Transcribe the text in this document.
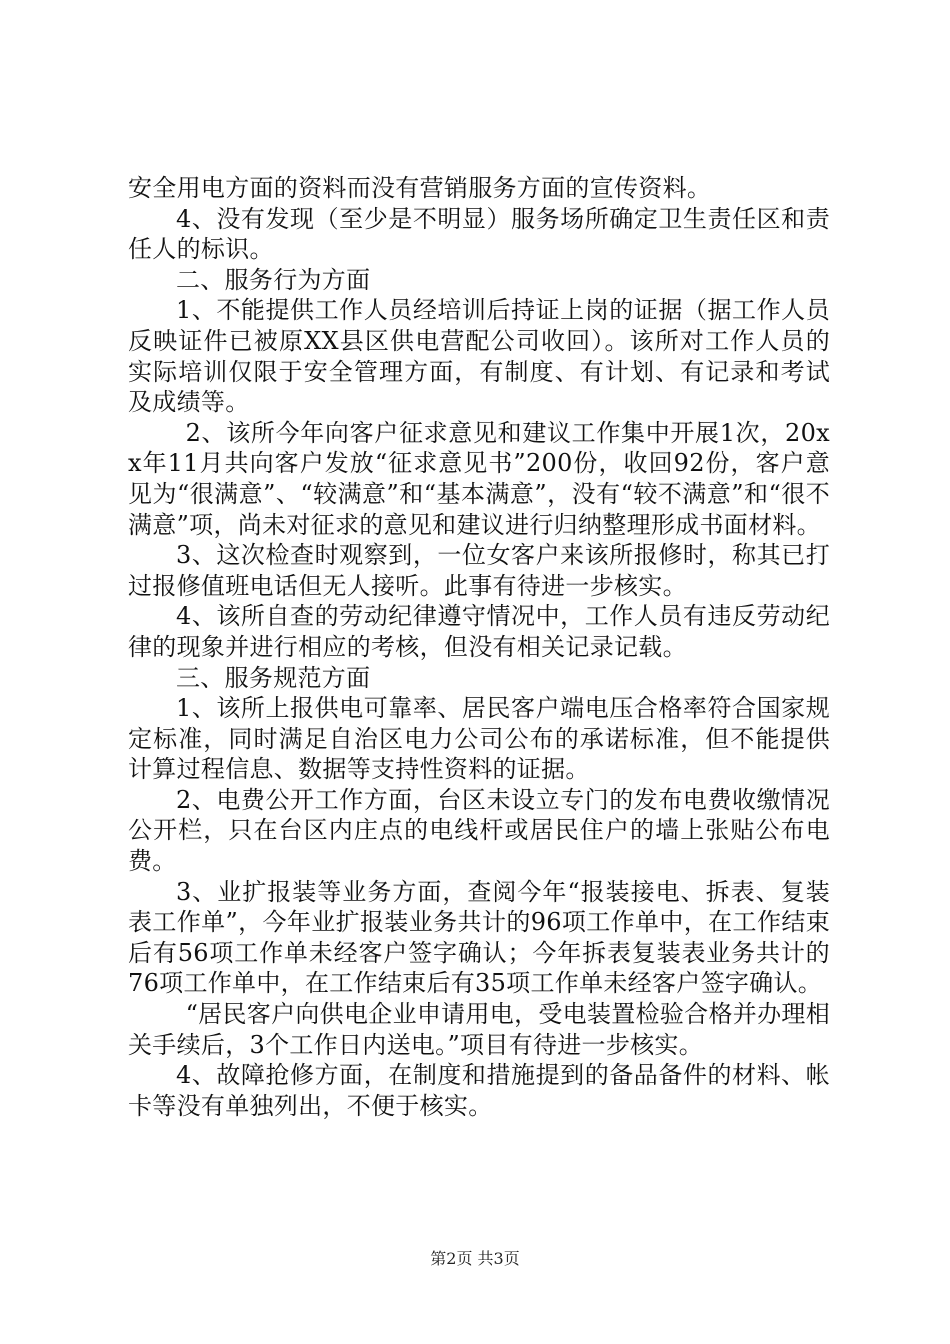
安全用电方面的资料而没有营销服务方面的宣传资料。

4、没有发现（至少是不明显）服务场所确定卫生责任区和责任人的标识。

二、服务行为方面

1、不能提供工作人员经培训后持证上岗的证据（据工作人员反映证件已被原XX县区供电营配公司收回）。该所对工作人员的实际培训仅限于安全管理方面，有制度、有计划、有记录和考试及成绩等。

2、该所今年向客户征求意见和建议工作集中开展1次，20xx年11月共向客户发放“征求意见书”200份，收回92份，客户意见为“很满意”、“较满意”和“基本满意”，没有“较不满意”和“很不满意”项，尚未对征求的意见和建议进行归纳整理形成书面材料。

3、这次检查时观察到，一位女客户来该所报修时，称其已打过报修值班电话但无人接听。此事有待进一步核实。

4、该所自查的劳动纪律遵守情况中，工作人员有违反劳动纪律的现象并进行相应的考核，但没有相关记录记载。

三、服务规范方面

1、该所上报供电可靠率、居民客户端电压合格率符合国家规定标准，同时满足自治区电力公司公布的承诺标准，但不能提供计算过程信息、数据等支持性资料的证据。

2、电费公开工作方面，台区未设立专门的发布电费收缴情况公开栏，只在台区内庄点的电线杆或居民住户的墙上张贴公布电费。

3、业扩报装等业务方面，查阅今年“报装接电、拆表、复装表工作单”，今年业扩报装业务共计的96项工作单中，在工作结束后有56项工作单未经客户签字确认；今年拆表复装表业务共计的76项工作单中，在工作结束后有35项工作单未经客户签字确认。

“居民客户向供电企业申请用电，受电装置检验合格并办理相关手续后，3个工作日内送电。”项目有待进一步核实。

4、故障抢修方面，在制度和措施提到的备品备件的材料、帐卡等没有单独列出，不便于核实。

第2页 共3页
